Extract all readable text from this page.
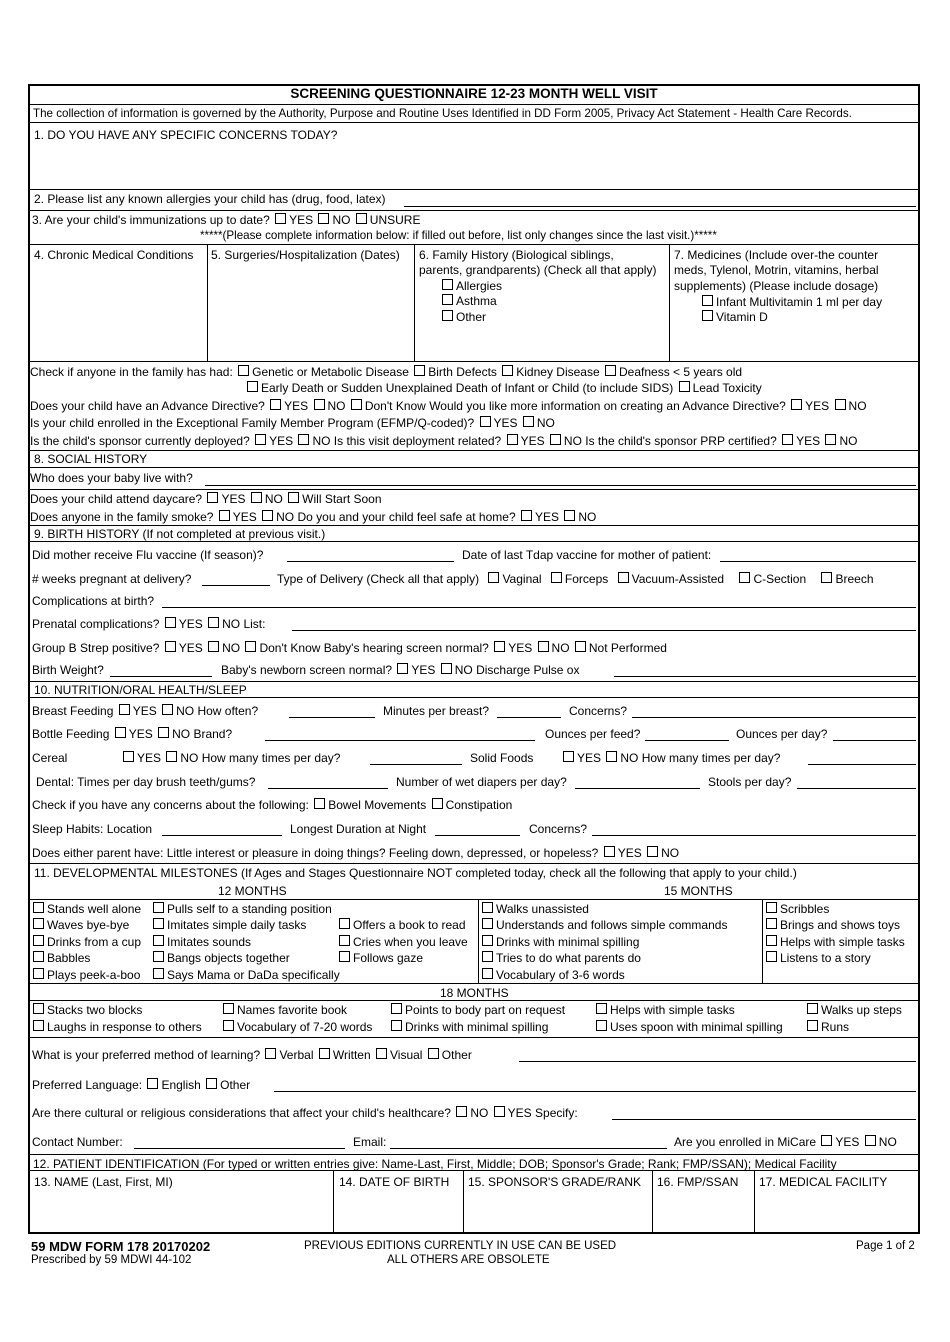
SCREENING QUESTIONNAIRE 12-23 MONTH WELL VISIT
The collection of information is governed by the Authority, Purpose and Routine Uses Identified in DD Form 2005, Privacy Act Statement - Health Care Records.
1. DO YOU HAVE ANY SPECIFIC CONCERNS TODAY?
2. Please list any known allergies your child has (drug, food, latex)
3. Are your child's immunizations up to date? YES NO UNSURE
*****(Please complete information below: if filled out before, list only changes since the last visit.)*****
4. Chronic Medical Conditions 5. Surgeries/Hospitalization (Dates) 6. Family History (Biological siblings,
parents, grandparents) (Check all that apply)
Allergies
Asthma
Other
7. Medicines (Include over-the counter
meds, Tylenol, Motrin, vitamins, herbal
supplements) (Please include dosage)
Infant Multivitamin 1 ml per day
Vitamin D
Check if anyone in the family has had: Genetic or Metabolic Disease Birth Defects Kidney Disease Deafness < 5 years old
Early Death or Sudden Unexplained Death of Infant or Child (to include SIDS) Lead Toxicity
Does your child have an Advance Directive? YES NO Don't Know Would you like more information on creating an Advance Directive? YES NO
Is your child enrolled in the Exceptional Family Member Program (EFMP/Q-coded)? YES NO
Is the child's sponsor currently deployed? YES NO Is this visit deployment related? YES NO Is the child's sponsor PRP certified? YES NO
8. SOCIAL HISTORY
Who does your baby live with?
Does your child attend daycare? YES NO Will Start Soon
Does anyone in the family smoke? YES NO Do you and your child feel safe at home? YES NO
9. BIRTH HISTORY (If not completed at previous visit.)
Did mother receive Flu vaccine (If season)?	Date of last Tdap vaccine for mother of patient:
# weeks pregnant at delivery?	Type of Delivery (Check all that apply) Vaginal Forceps Vacuum-Assisted C-Section Breech
Complications at birth?
Prenatal complications? YES NO List:
Group B Strep positive? YES NO Don't Know Baby's hearing screen normal? YES NO Not Performed
Birth Weight?	Baby's newborn screen normal? YES NO Discharge Pulse ox
10. NUTRITION/ORAL HEALTH/SLEEP
Breast Feeding YES NO How often?	Minutes per breast?	Concerns?
Bottle Feeding YES NO Brand?	Ounces per feed?	Ounces per day?
Cereal	YES NO How many times per day?	Solid Foods	YES NO How many times per day?
Dental: Times per day brush teeth/gums?	Number of wet diapers per day?	Stools per day?
Check if you have any concerns about the following: Bowel Movements Constipation
Sleep Habits: Location	Longest Duration at Night	Concerns?
Does either parent have: Little interest or pleasure in doing things? Feeling down, depressed, or hopeless? YES NO
11. DEVELOPMENTAL MILESTONES (If Ages and Stages Questionnaire NOT completed today, check all the following that apply to your child.)
12 MONTHS	15 MONTHS
Stands well alone
Waves bye-bye
Drinks from a cup
Babbles
Plays peek-a-boo
Pulls self to a standing position
Imitates simple daily tasks
Imitates sounds
Bangs objects together
Says Mama or DaDa specifically
Offers a book to read
Cries when you leave
Follows gaze
Walks unassisted
Understands and follows simple commands
Drinks with minimal spilling
Tries to do what parents do
Vocabulary of 3-6 words
Scribbles
Brings and shows toys
Helps with simple tasks
Listens to a story
18 MONTHS
Stacks two blocks	Names favorite book	Points to body part on request	Helps with simple tasks	Walks up steps
Laughs in response to others	Vocabulary of 7-20 words	Drinks with minimal spilling	Uses spoon with minimal spilling	Runs
What is your preferred method of learning? Verbal Written Visual Other
Preferred Language: English Other
Are there cultural or religious considerations that affect your child's healthcare? NO YES Specify:
Contact Number:	Email:	Are you enrolled in MiCare YES NO
12. PATIENT IDENTIFICATION (For typed or written entries give: Name-Last, First, Middle; DOB; Sponsor's Grade; Rank; FMP/SSAN); Medical Facility
13. NAME (Last, First, MI)	14. DATE OF BIRTH 15. SPONSOR'S GRADE/RANK 16. FMP/SSAN 17. MEDICAL FACILITY
59 MDW FORM 178 20170202
Prescribed by 59 MDWI 44-102
PREVIOUS EDITIONS CURRENTLY IN USE CAN BE USED
ALL OTHERS ARE OBSOLETE
Page 1 of 2
